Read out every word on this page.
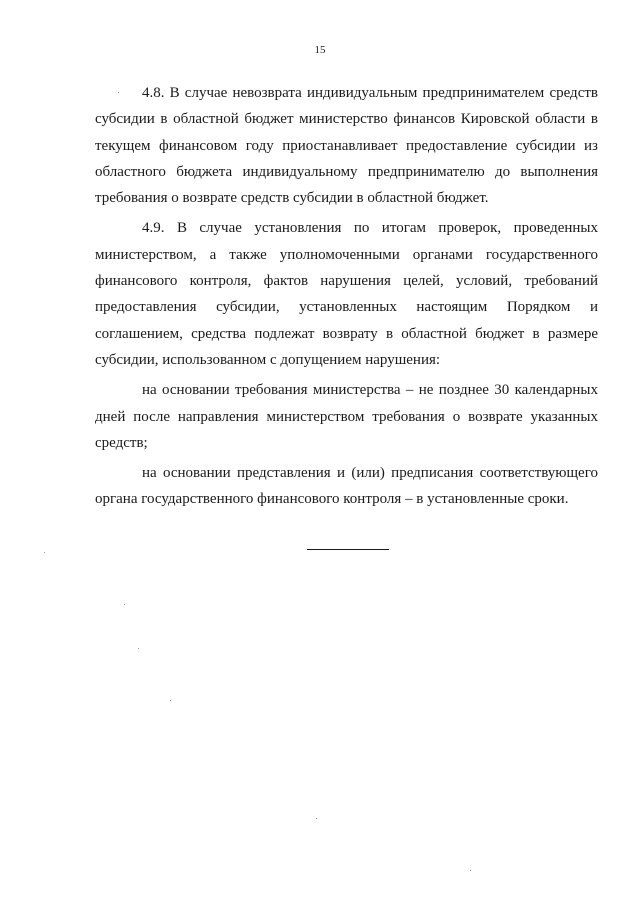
15

4.8. В случае невозврата индивидуальным предпринимателем средств субсидии в областной бюджет министерство финансов Кировской области в текущем финансовом году приостанавливает предоставление субсидии из областного бюджета индивидуальному предпринимателю до выполнения требования о возврате средств субсидии в областной бюджет.

4.9. В случае установления по итогам проверок, проведенных министерством, а также уполномоченными органами государственного финансового контроля, фактов нарушения целей, условий, требований предоставления субсидии, установленных настоящим Порядком и соглашением, средства подлежат возврату в областной бюджет в размере субсидии, использованном с допущением нарушения:

на основании требования министерства – не позднее 30 календарных дней после направления министерством требования о возврате указанных средств;

на основании представления и (или) предписания соответствующего органа государственного финансового контроля – в установленные сроки.
